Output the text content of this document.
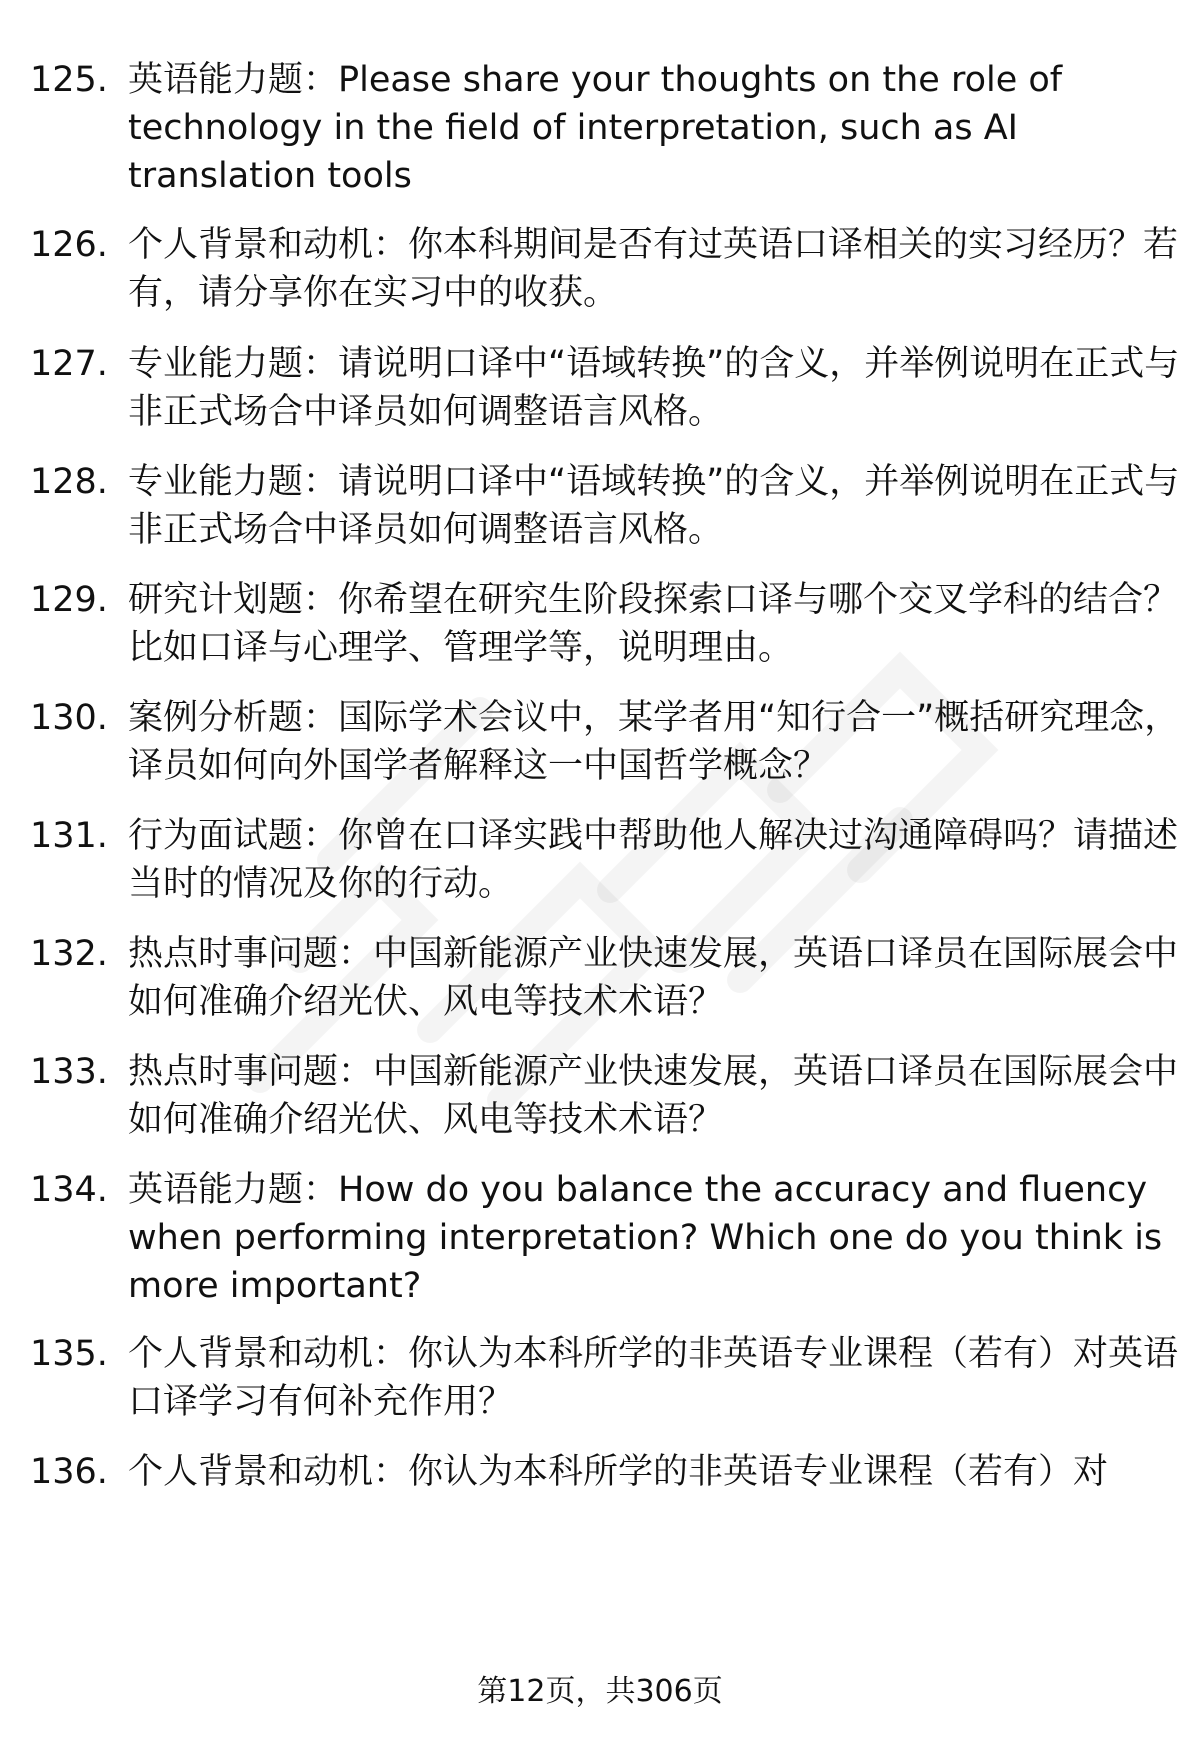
125. 英语能力题：Please share your thoughts on the role of technology in the field of interpretation, such as AI translation tools
126. 个人背景和动机：你本科期间是否有过英语口译相关的实习经历？若有，请分享你在实习中的收获。
127. 专业能力题：请说明口译中“语域转换”的含义，并举例说明在正式与非正式场合中译员如何调整语言风格。
128. 专业能力题：请说明口译中“语域转换”的含义，并举例说明在正式与非正式场合中译员如何调整语言风格。
129. 研究计划题：你希望在研究生阶段探索口译与哪个交叉学科的结合？比如口译与心理学、管理学等，说明理由。
130. 案例分析题：国际学术会议中，某学者用“知行合一”概括研究理念，译员如何向外国学者解释这一中国哲学概念？
131. 行为面试题：你曾在口译实践中帮助他人解决过沟通障碍吗？请描述当时的情况及你的行动。
132. 热点时事问题：中国新能源产业快速发展，英语口译员在国际展会中如何准确介绍光伏、风电等技术术语？
133. 热点时事问题：中国新能源产业快速发展，英语口译员在国际展会中如何准确介绍光伏、风电等技术术语？
134. 英语能力题：How do you balance the accuracy and fluency when performing interpretation? Which one do you think is more important?
135. 个人背景和动机：你认为本科所学的非英语专业课程（若有）对英语口译学习有何补充作用？
136. 个人背景和动机：你认为本科所学的非英语专业课程（若有）对
第12页，共306页
